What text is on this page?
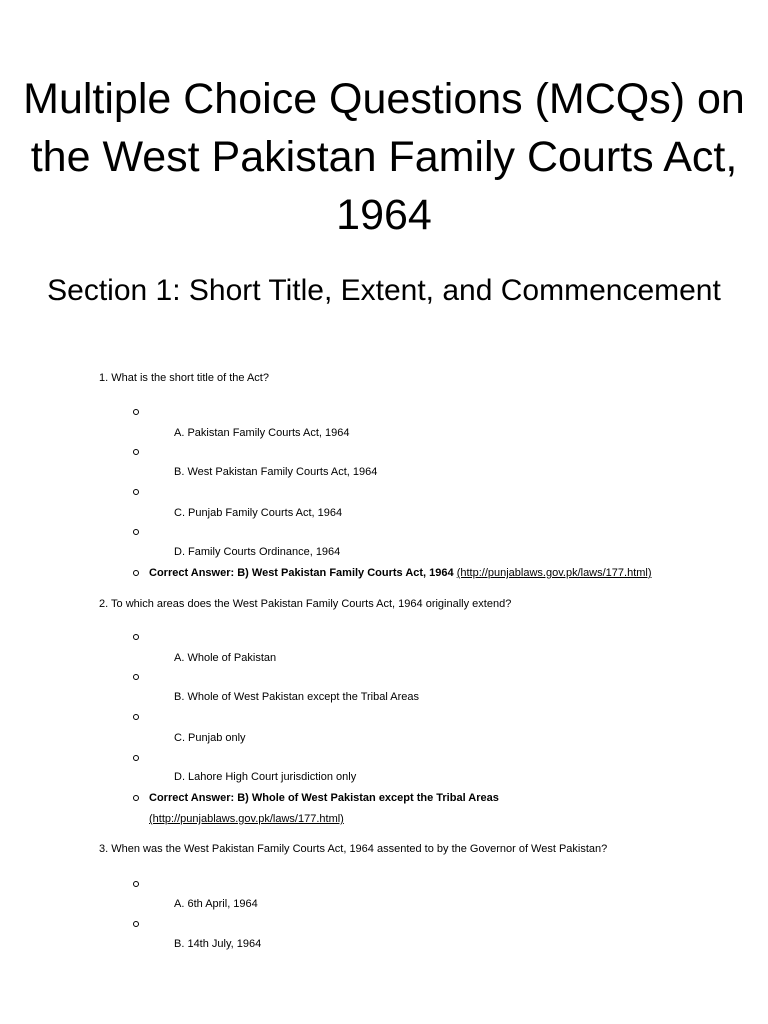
Multiple Choice Questions (MCQs) on the West Pakistan Family Courts Act, 1964
Section 1: Short Title, Extent, and Commencement
1. What is the short title of the Act?
A. Pakistan Family Courts Act, 1964
B. West Pakistan Family Courts Act, 1964
C. Punjab Family Courts Act, 1964
D. Family Courts Ordinance, 1964
Correct Answer: B) West Pakistan Family Courts Act, 1964 (http://punjablaws.gov.pk/laws/177.html)
2. To which areas does the West Pakistan Family Courts Act, 1964 originally extend?
A. Whole of Pakistan
B. Whole of West Pakistan except the Tribal Areas
C. Punjab only
D. Lahore High Court jurisdiction only
Correct Answer: B) Whole of West Pakistan except the Tribal Areas
(http://punjablaws.gov.pk/laws/177.html)
3. When was the West Pakistan Family Courts Act, 1964 assented to by the Governor of West Pakistan?
A. 6th April, 1964
B. 14th July, 1964
